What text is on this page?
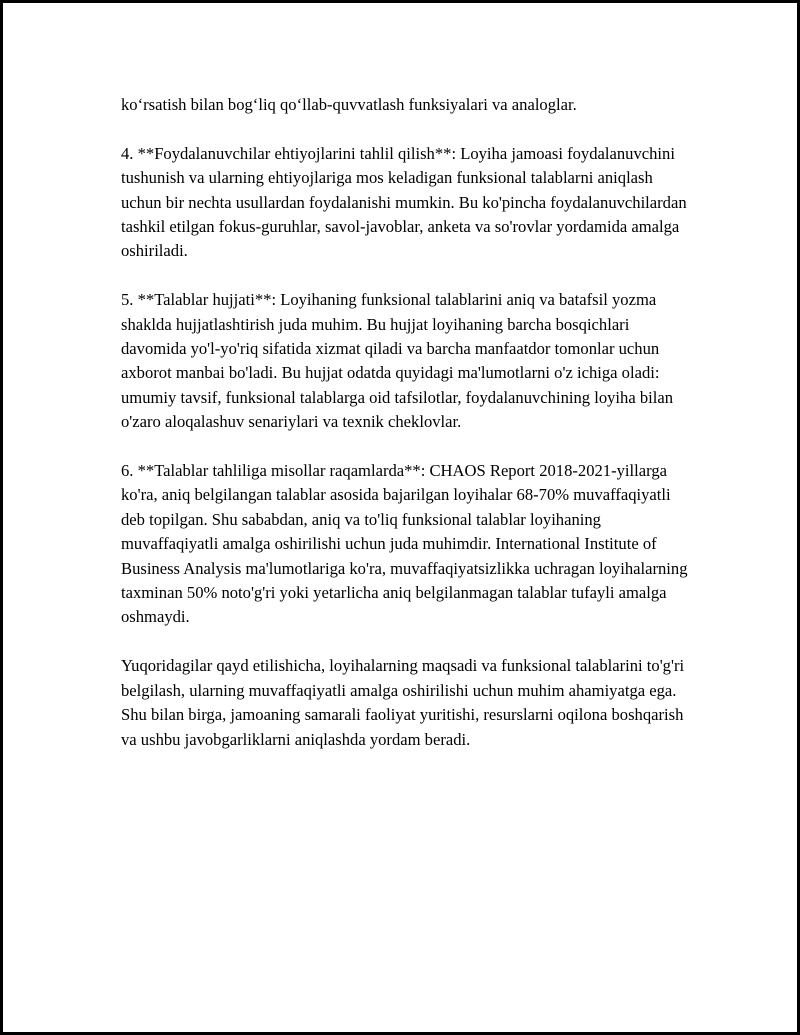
ko‘rsatish bilan bog‘liq qo‘llab-quvvatlash funksiyalari va analoglar.

4. **Foydalanuvchilar ehtiyojlarini tahlil qilish**: Loyiha jamoasi foydalanuvchini tushunish va ularning ehtiyojlariga mos keladigan funksional talablarni aniqlash uchun bir nechta usullardan foydalanishi mumkin. Bu ko'pincha foydalanuvchilardan tashkil etilgan fokus-guruhlar, savol-javoblar, anketa va so'rovlar yordamida amalga oshiriladi.

5. **Talablar hujjati**: Loyihaning funksional talablarini aniq va batafsil yozma shaklda hujjatlashtirish juda muhim. Bu hujjat loyihaning barcha bosqichlari davomida yo'l-yo'riq sifatida xizmat qiladi va barcha manfaatdor tomonlar uchun axborot manbai bo'ladi. Bu hujjat odatda quyidagi ma'lumotlarni o'z ichiga oladi: umumiy tavsif, funksional talablarga oid tafsilotlar, foydalanuvchining loyiha bilan o'zaro aloqalashuv senariylari va texnik cheklovlar.

6. **Talablar tahliliga misollar raqamlarda**: CHAOS Report 2018-2021-yillarga ko'ra, aniq belgilangan talablar asosida bajarilgan loyihalar 68-70% muvaffaqiyatli deb topilgan. Shu sababdan, aniq va to'liq funksional talablar loyihaning muvaffaqiyatli amalga oshirilishi uchun juda muhimdir. International Institute of Business Analysis ma'lumotlariga ko'ra, muvaffaqiyatsizlikka uchragan loyihalarning taxminan 50% noto'g'ri yoki yetarlicha aniq belgilanmagan talablar tufayli amalga oshmaydi.

Yuqoridagilar qayd etilishicha, loyihalarning maqsadi va funksional talablarini to'g'ri belgilash, ularning muvaffaqiyatli amalga oshirilishi uchun muhim ahamiyatga ega. Shu bilan birga, jamoaning samarali faoliyat yuritishi, resurslarni oqilona boshqarish va ushbu javobgarliklarni aniqlashda yordam beradi.
